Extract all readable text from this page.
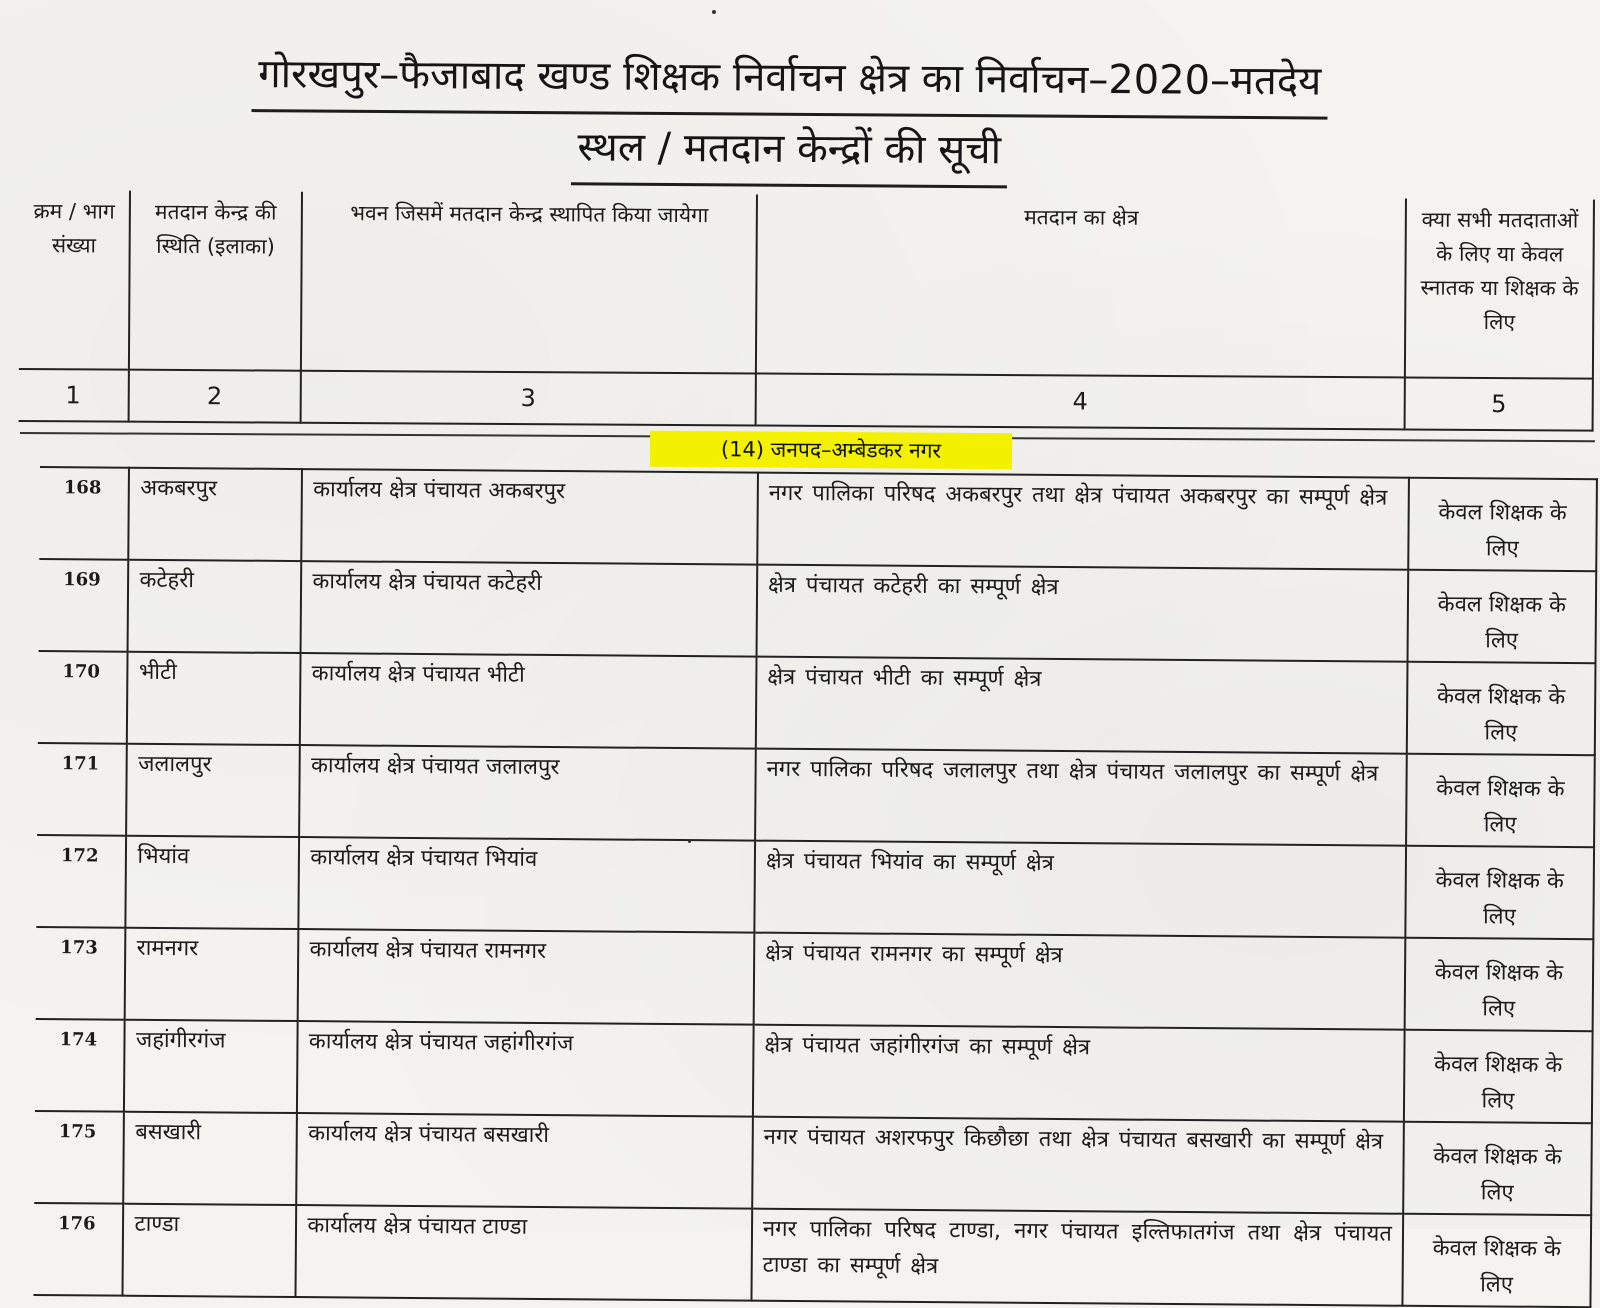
गोरखपुर–फैजाबाद खण्ड शिक्षक निर्वाचन क्षेत्र का निर्वाचन–2020–मतदेय
स्थल / मतदान केन्द्रों की सूची
क्रम / भाग संख्या	मतदान केन्द्र की स्थिति (इलाका)	भवन जिसमें मतदान केन्द्र स्थापित किया जायेगा	मतदान का क्षेत्र	क्या सभी मतदाताओं के लिए या केवल स्नातक या शिक्षक के लिए
1	2	3	4	5
(14) जनपद–अम्बेडकर नगर
168	अकबरपुर	कार्यालय क्षेत्र पंचायत अकबरपुर	नगर पालिका परिषद अकबरपुर तथा क्षेत्र पंचायत अकबरपुर का सम्पूर्ण क्षेत्र	केवल शिक्षक के लिए
169	कटेहरी	कार्यालय क्षेत्र पंचायत कटेहरी	क्षेत्र पंचायत कटेहरी का सम्पूर्ण क्षेत्र	केवल शिक्षक के लिए
170	भीटी	कार्यालय क्षेत्र पंचायत भीटी	क्षेत्र पंचायत भीटी का सम्पूर्ण क्षेत्र	केवल शिक्षक के लिए
171	जलालपुर	कार्यालय क्षेत्र पंचायत जलालपुर	नगर पालिका परिषद जलालपुर तथा क्षेत्र पंचायत जलालपुर का सम्पूर्ण क्षेत्र	केवल शिक्षक के लिए
172	भियांव	कार्यालय क्षेत्र पंचायत भियांव	क्षेत्र पंचायत भियांव का सम्पूर्ण क्षेत्र	केवल शिक्षक के लिए
173	रामनगर	कार्यालय क्षेत्र पंचायत रामनगर	क्षेत्र पंचायत रामनगर का सम्पूर्ण क्षेत्र	केवल शिक्षक के लिए
174	जहांगीरगंज	कार्यालय क्षेत्र पंचायत जहांगीरगंज	क्षेत्र पंचायत जहांगीरगंज का सम्पूर्ण क्षेत्र	केवल शिक्षक के लिए
175	बसखारी	कार्यालय क्षेत्र पंचायत बसखारी	नगर पंचायत अशरफपुर किछौछा तथा क्षेत्र पंचायत बसखारी का सम्पूर्ण क्षेत्र	केवल शिक्षक के लिए
176	टाण्डा	कार्यालय क्षेत्र पंचायत टाण्डा	नगर पालिका परिषद टाण्डा, नगर पंचायत इल्तिफातगंज तथा क्षेत्र पंचायत टाण्डा का सम्पूर्ण क्षेत्र	केवल शिक्षक के लिए
